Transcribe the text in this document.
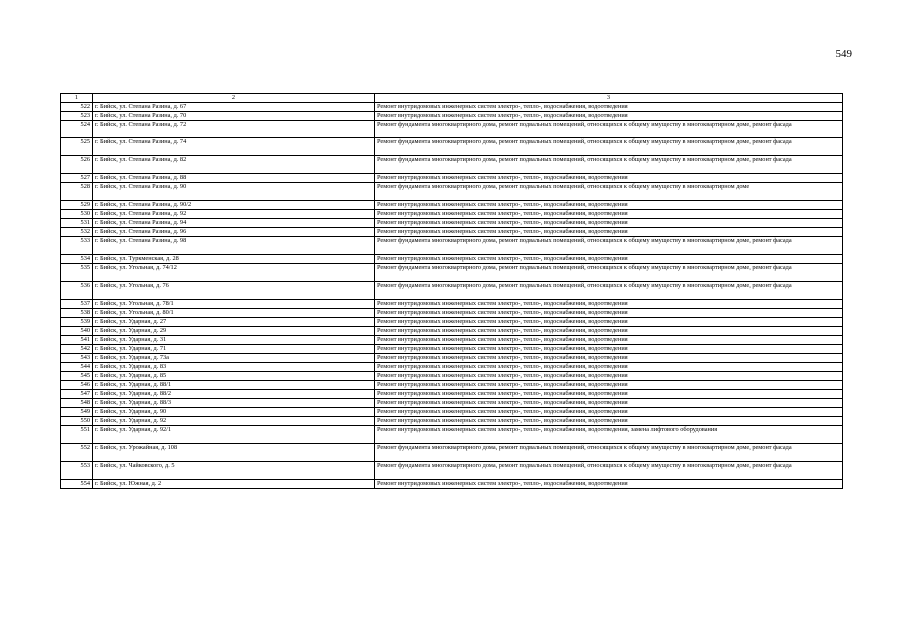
549
1	2	3
522	г. Бийск, ул. Степана Разина, д. 67	Ремонт внутридомовых инженерных систем электро-, тепло-, водоснабжения, водоотведения
523	г. Бийск, ул. Степана Разина, д. 70	Ремонт внутридомовых инженерных систем электро-, тепло-, водоснабжения, водоотведения
524	г. Бийск, ул. Степана Разина, д. 72	Ремонт фундамента многоквартирного дома, ремонт подвальных помещений, относящихся к общему имуществу в многоквартирном доме, ремонт фасада
525	г. Бийск, ул. Степана Разина, д. 74	Ремонт фундамента многоквартирного дома, ремонт подвальных помещений, относящихся к общему имуществу в многоквартирном доме, ремонт фасада
526	г. Бийск, ул. Степана Разина, д. 82	Ремонт фундамента многоквартирного дома, ремонт подвальных помещений, относящихся к общему имуществу в многоквартирном доме, ремонт фасада
527	г. Бийск, ул. Степана Разина, д. 88	Ремонт внутридомовых инженерных систем электро-, тепло-, водоснабжения, водоотведения
528	г. Бийск, ул. Степана Разина, д. 90	Ремонт фундамента многоквартирного дома, ремонт подвальных помещений, относящихся к общему имуществу в многоквартирном доме
529	г. Бийск, ул. Степана Разина, д. 90/2	Ремонт внутридомовых инженерных систем электро-, тепло-, водоснабжения, водоотведения
530	г. Бийск, ул. Степана Разина, д. 92	Ремонт внутридомовых инженерных систем электро-, тепло-, водоснабжения, водоотведения
531	г. Бийск, ул. Степана Разина, д. 94	Ремонт внутридомовых инженерных систем электро-, тепло-, водоснабжения, водоотведения
532	г. Бийск, ул. Степана Разина, д. 96	Ремонт внутридомовых инженерных систем электро-, тепло-, водоснабжения, водоотведения
533	г. Бийск, ул. Степана Разина, д. 98	Ремонт фундамента многоквартирного дома, ремонт подвальных помещений, относящихся к общему имуществу в многоквартирном доме, ремонт фасада
534	г. Бийск, ул. Туркменская, д. 28	Ремонт внутридомовых инженерных систем электро-, тепло-, водоснабжения, водоотведения
535	г. Бийск, ул. Угольная, д. 74/12	Ремонт фундамента многоквартирного дома, ремонт подвальных помещений, относящихся к общему имуществу в многоквартирном доме, ремонт фасада
536	г. Бийск, ул. Угольная, д. 76	Ремонт фундамента многоквартирного дома, ремонт подвальных помещений, относящихся к общему имуществу в многоквартирном доме, ремонт фасада
537	г. Бийск, ул. Угольная, д. 78/1	Ремонт внутридомовых инженерных систем электро-, тепло-, водоснабжения, водоотведения
538	г. Бийск, ул. Угольная, д. 80/1	Ремонт внутридомовых инженерных систем электро-, тепло-, водоснабжения, водоотведения
539	г. Бийск, ул. Ударная, д. 27	Ремонт внутридомовых инженерных систем электро-, тепло-, водоснабжения, водоотведения
540	г. Бийск, ул. Ударная, д. 29	Ремонт внутридомовых инженерных систем электро-, тепло-, водоснабжения, водоотведения
541	г. Бийск, ул. Ударная, д. 31	Ремонт внутридомовых инженерных систем электро-, тепло-, водоснабжения, водоотведения
542	г. Бийск, ул. Ударная, д. 71	Ремонт внутридомовых инженерных систем электро-, тепло-, водоснабжения, водоотведения
543	г. Бийск, ул. Ударная, д. 73а	Ремонт внутридомовых инженерных систем электро-, тепло-, водоснабжения, водоотведения
544	г. Бийск, ул. Ударная, д. 83	Ремонт внутридомовых инженерных систем электро-, тепло-, водоснабжения, водоотведения
545	г. Бийск, ул. Ударная, д. 85	Ремонт внутридомовых инженерных систем электро-, тепло-, водоснабжения, водоотведения
546	г. Бийск, ул. Ударная, д. 88/1	Ремонт внутридомовых инженерных систем электро-, тепло-, водоснабжения, водоотведения
547	г. Бийск, ул. Ударная, д. 88/2	Ремонт внутридомовых инженерных систем электро-, тепло-, водоснабжения, водоотведения
548	г. Бийск, ул. Ударная, д. 88/3	Ремонт внутридомовых инженерных систем электро-, тепло-, водоснабжения, водоотведения
549	г. Бийск, ул. Ударная, д. 90	Ремонт внутридомовых инженерных систем электро-, тепло-, водоснабжения, водоотведения
550	г. Бийск, ул. Ударная, д. 92	Ремонт внутридомовых инженерных систем электро-, тепло-, водоснабжения, водоотведения
551	г. Бийск, ул. Ударная, д. 92/1	Ремонт внутридомовых инженерных систем электро-, тепло-, водоснабжения, водоотведения, замена лифтового оборудования
552	г. Бийск, ул. Урожайная, д. 108	Ремонт фундамента многоквартирного дома, ремонт подвальных помещений, относящихся к общему имуществу в многоквартирном доме, ремонт фасада
553	г. Бийск, ул. Чайковского, д. 5	Ремонт фундамента многоквартирного дома, ремонт подвальных помещений, относящихся к общему имуществу в многоквартирном доме, ремонт фасада
554	г. Бийск, ул. Южная, д. 2	Ремонт внутридомовых инженерных систем электро-, тепло-, водоснабжения, водоотведения
